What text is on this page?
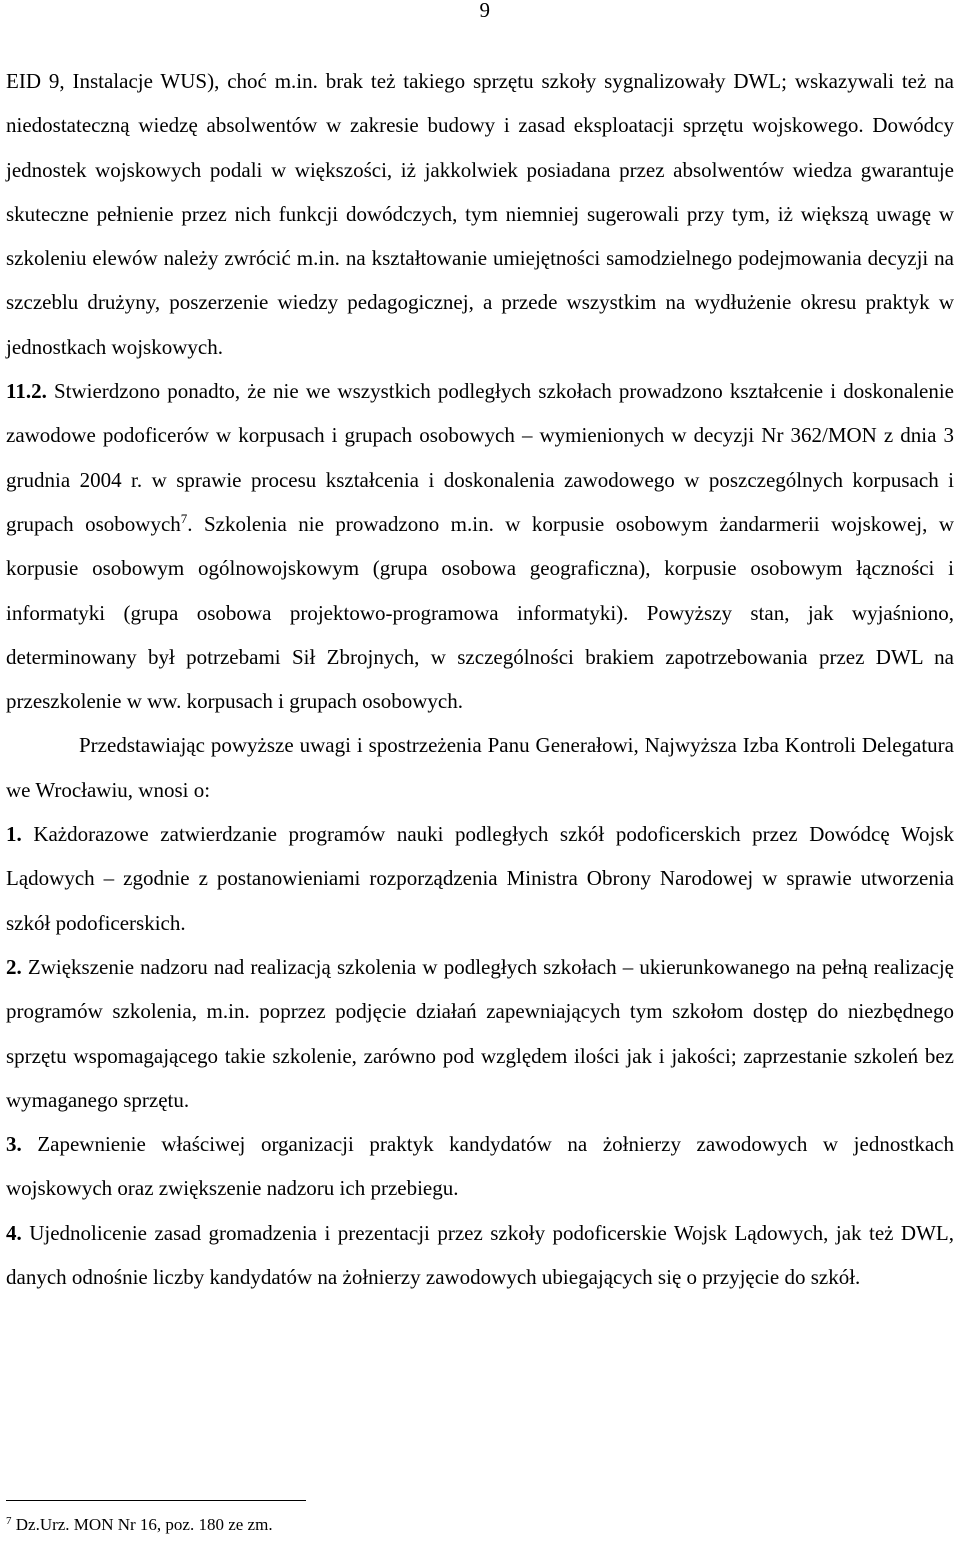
9

EID 9, Instalacje WUS), choć m.in. brak też takiego sprzętu szkoły sygnalizowały DWL; wskazywali też na niedostateczną wiedzę absolwentów w zakresie budowy i zasad eksploatacji sprzętu wojskowego. Dowódcy jednostek wojskowych podali w większości, iż jakkolwiek posiadana przez absolwentów wiedza gwarantuje skuteczne pełnienie przez nich funkcji dowódczych, tym niemniej sugerowali przy tym, iż większą uwagę w szkoleniu elewów należy zwrócić m.in. na kształtowanie umiejętności samodzielnego podejmowania decyzji na szczeblu drużyny, poszerzenie wiedzy pedagogicznej, a przede wszystkim na wydłużenie okresu praktyk w jednostkach wojskowych.

11.2. Stwierdzono ponadto, że nie we wszystkich podległych szkołach prowadzono kształcenie i doskonalenie zawodowe podoficerów w korpusach i grupach osobowych – wymienionych w decyzji Nr 362/MON z dnia 3 grudnia 2004 r. w sprawie procesu kształcenia i doskonalenia zawodowego w poszczególnych korpusach i grupach osobowych$^7$. Szkolenia nie prowadzono m.in. w korpusie osobowym żandarmerii wojskowej, w korpusie osobowym ogólnowojskowym (grupa osobowa geograficzna), korpusie osobowym łączności i informatyki (grupa osobowa projektowo-programowa informatyki). Powyższy stan, jak wyjaśniono, determinowany był potrzebami Sił Zbrojnych, w szczególności brakiem zapotrzebowania przez DWL na przeszkolenie w ww. korpusach i grupach osobowych.

Przedstawiając powyższe uwagi i spostrzeżenia Panu Generałowi, Najwyższa Izba Kontroli Delegatura we Wrocławiu, wnosi o:

1. Każdorazowe zatwierdzanie programów nauki podległych szkół podoficerskich przez Dowódcę Wojsk Lądowych – zgodnie z postanowieniami rozporządzenia Ministra Obrony Narodowej w sprawie utworzenia szkół podoficerskich.

2. Zwiększenie nadzoru nad realizacją szkolenia w podległych szkołach – ukierunkowanego na pełną realizację programów szkolenia, m.in. poprzez podjęcie działań zapewniających tym szkołom dostęp do niezbędnego sprzętu wspomagającego takie szkolenie, zarówno pod względem ilości jak i jakości; zaprzestanie szkoleń bez wymaganego sprzętu.

3. Zapewnienie właściwej organizacji praktyk kandydatów na żołnierzy zawodowych w jednostkach wojskowych oraz zwiększenie nadzoru ich przebiegu.

4. Ujednolicenie zasad gromadzenia i prezentacji przez szkoły podoficerskie Wojsk Lądowych, jak też DWL, danych odnośnie liczby kandydatów na żołnierzy zawodowych ubiegających się o przyjęcie do szkół.

$^7$ Dz.Urz. MON Nr 16, poz. 180 ze zm.
